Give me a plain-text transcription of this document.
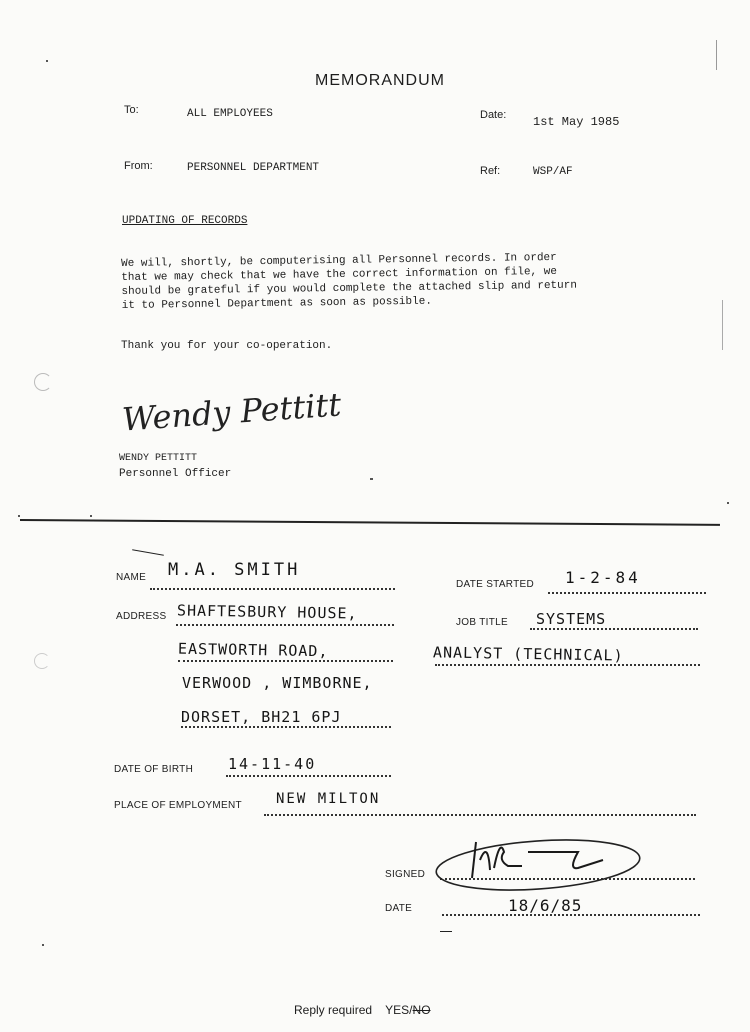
MEMORANDUM
To:	ALL EMPLOYEES	Date: 1st May 1985
From:	PERSONNEL DEPARTMENT	Ref:	WSP/AF
UPDATING OF RECORDS
We will, shortly, be computerising all Personnel records. In order
that we may check that we have the correct information on file, we
should be grateful if you would complete the attached slip and return
it to Personnel Department as soon as possible.
Thank you for your co-operation.
Wendy Pettitt
WENDY PETTITT
Personnel Officer
NAME M.A. SMITH
DATE STARTED 1-2-84
ADDRESS SHAFTESBURY HOUSE,
EASTWORTH ROAD,
VERWOOD , WIMBORNE,
DORSET, BH21 6PJ
JOB TITLE SYSTEMS
ANALYST (TECHNICAL)
DATE OF BIRTH 14-11-40
PLACE OF EMPLOYMENT NEW MILTON
SIGNED
DATE	18/6/85
Reply required YES/NO
